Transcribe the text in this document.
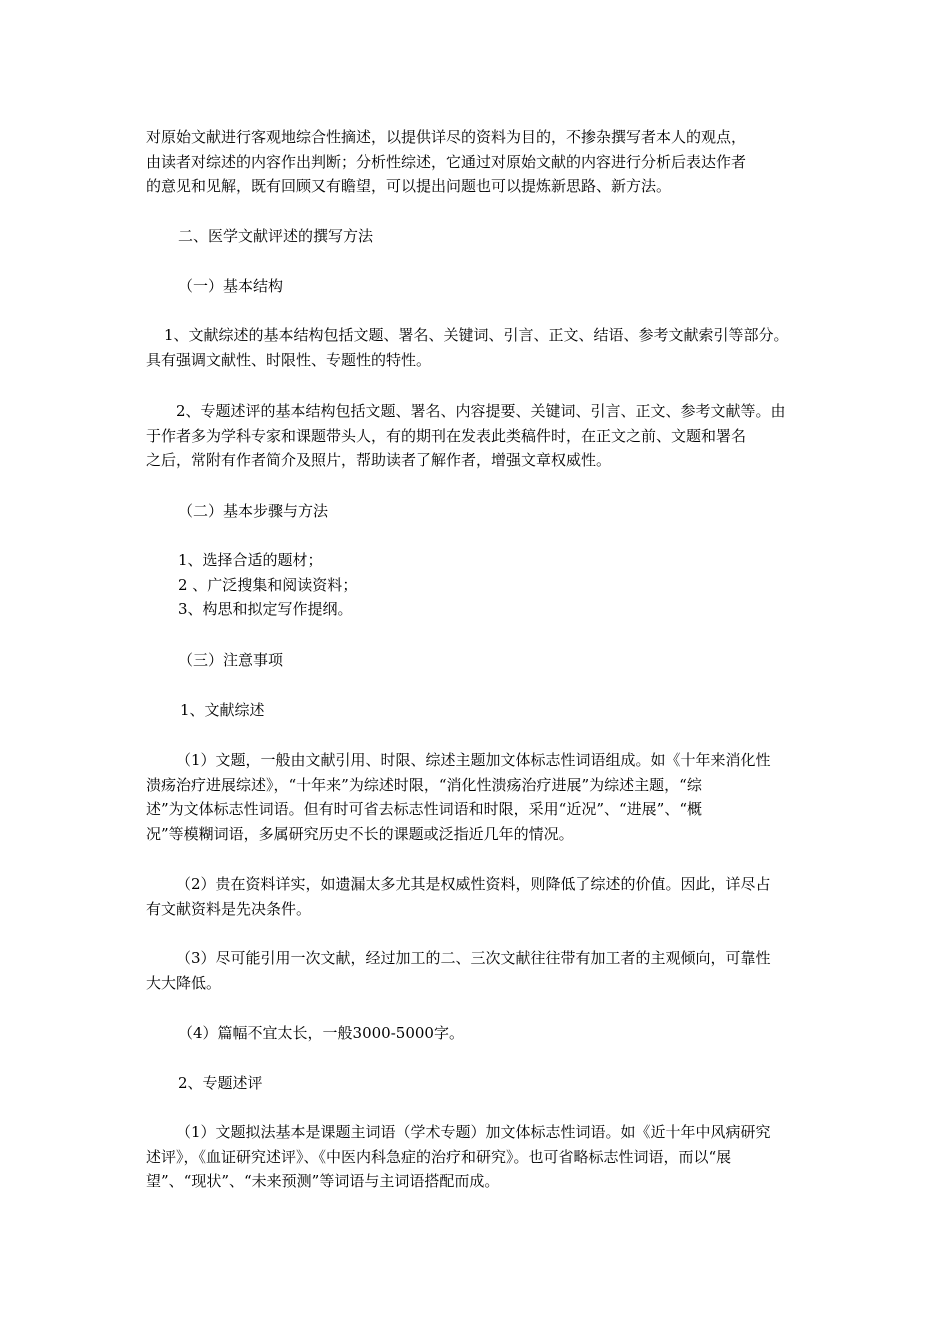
对原始文献进行客观地综合性摘述，以提供详尽的资料为目的，不掺杂撰写者本人的观点，
由读者对综述的内容作出判断；分析性综述，它通过对原始文献的内容进行分析后表达作者
的意见和见解，既有回顾又有瞻望，可以提出问题也可以提炼新思路、新方法。
二、医学文献评述的撰写方法
（一）基本结构
1、文献综述的基本结构包括文题、署名、关键词、引言、正文、结语、参考文献索引等部分。
具有强调文献性、时限性、专题性的特性。
2、专题述评的基本结构包括文题、署名、内容提要、关键词、引言、正文、参考文献等。由
于作者多为学科专家和课题带头人，有的期刊在发表此类稿件时，在正文之前、文题和署名
之后，常附有作者简介及照片，帮助读者了解作者，增强文章权威性。
（二）基本步骤与方法
1、选择合适的题材；
2 、广泛搜集和阅读资料；
3、构思和拟定写作提纲。
（三）注意事项
1、文献综述
（1）文题，一般由文献引用、时限、综述主题加文体标志性词语组成。如《十年来消化性
溃疡治疗进展综述》，“十年来”为综述时限，“消化性溃疡治疗进展”为综述主题，“综
述”为文体标志性词语。但有时可省去标志性词语和时限，采用“近况”、“进展”、“概
况”等模糊词语，多属研究历史不长的课题或泛指近几年的情况。
（2）贵在资料详实，如遗漏太多尤其是权威性资料，则降低了综述的价值。因此，详尽占
有文献资料是先决条件。
（3）尽可能引用一次文献，经过加工的二、三次文献往往带有加工者的主观倾向，可靠性
大大降低。
（4）篇幅不宜太长，一般3000-5000字。
2、专题述评
（1）文题拟法基本是课题主词语（学术专题）加文体标志性词语。如《近十年中风病研究
述评》，《血证研究述评》、《中医内科急症的治疗和研究》。也可省略标志性词语，而以“展
望”、“现状”、“未来预测”等词语与主词语搭配而成。
